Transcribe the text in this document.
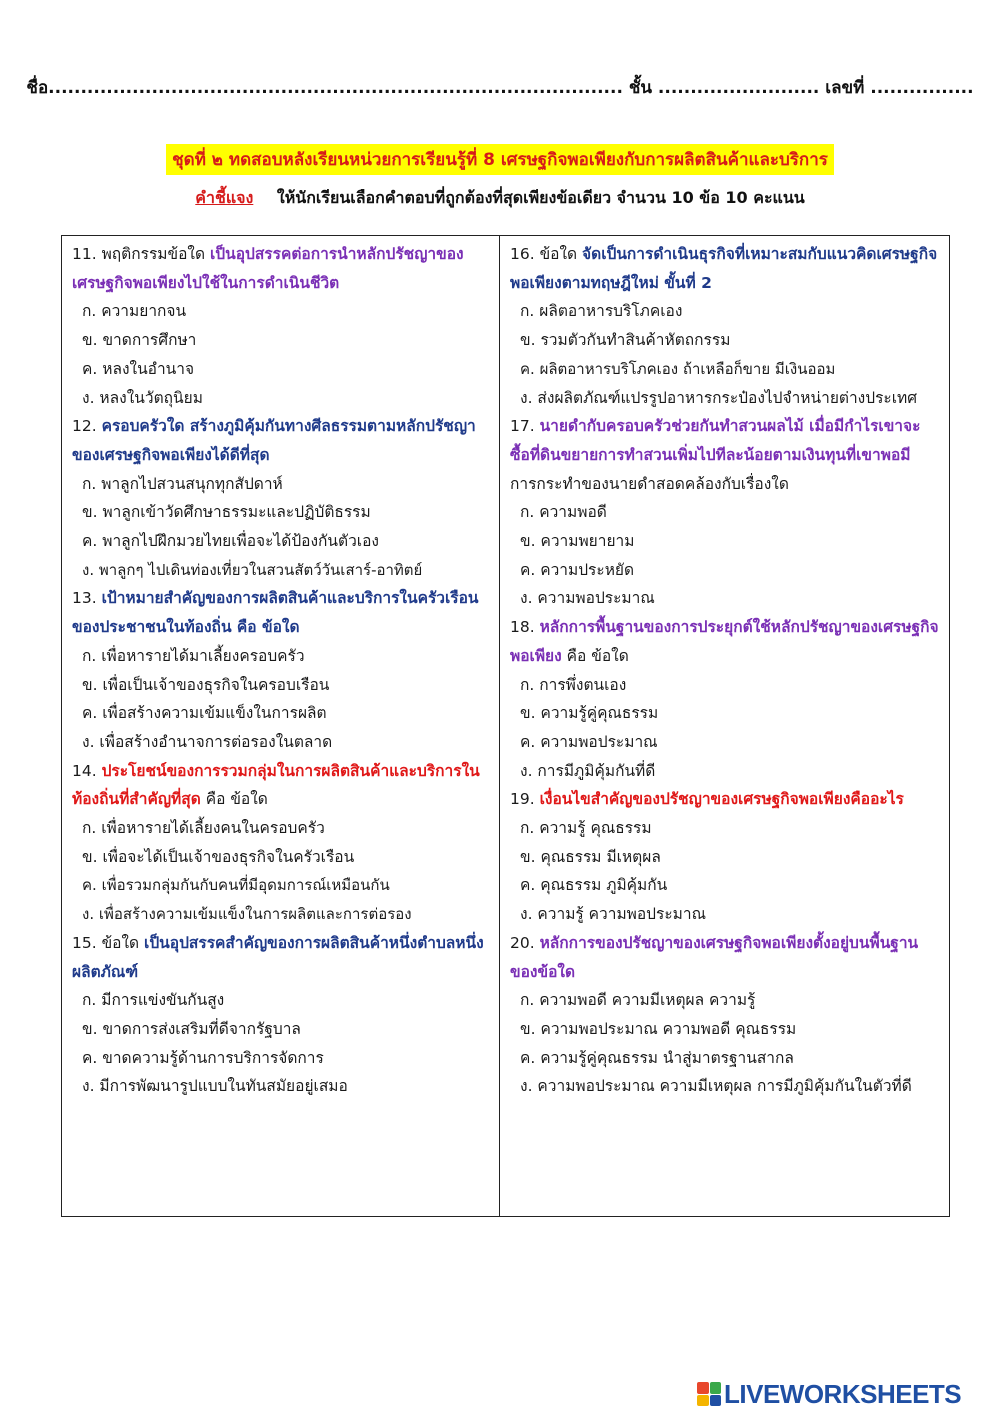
ชื่อ......................................................................................... ชั้น ......................... เลขที่ ................
ชุดที่ ๒ ทดสอบหลังเรียนหน่วยการเรียนรู้ที่ 8 เศรษฐกิจพอเพียงกับการผลิตสินค้าและบริการ
คำชี้แจง ให้นักเรียนเลือกคำตอบที่ถูกต้องที่สุดเพียงข้อเดียว จำนวน 10 ข้อ 10 คะแนน
11. พฤติกรรมข้อใด เป็นอุปสรรคต่อการนำหลักปรัชญาของเศรษฐกิจพอเพียงไปใช้ในการดำเนินชีวิต
ก. ความยากจน
ข. ขาดการศึกษา
ค. หลงในอำนาจ
ง. หลงในวัตถุนิยม
12. ครอบครัวใด สร้างภูมิคุ้มกันทางศีลธรรมตามหลักปรัชญาของเศรษฐกิจพอเพียงได้ดีที่สุด
ก. พาลูกไปสวนสนุกทุกสัปดาห์
ข. พาลูกเข้าวัดศึกษาธรรมะและปฏิบัติธรรม
ค. พาลูกไปฝึกมวยไทยเพื่อจะได้ป้องกันตัวเอง
ง. พาลูกๆ ไปเดินท่องเที่ยวในสวนสัตว์วันเสาร์-อาทิตย์
13. เป้าหมายสำคัญของการผลิตสินค้าและบริการในครัวเรือนของประชาชนในท้องถิ่น คือ ข้อใด
ก. เพื่อหารายได้มาเลี้ยงครอบครัว
ข. เพื่อเป็นเจ้าของธุรกิจในครอบเรือน
ค. เพื่อสร้างความเข้มแข็งในการผลิต
ง. เพื่อสร้างอำนาจการต่อรองในตลาด
14. ประโยชน์ของการรวมกลุ่มในการผลิตสินค้าและบริการในท้องถิ่นที่สำคัญที่สุด คือ ข้อใด
ก. เพื่อหารายได้เลี้ยงคนในครอบครัว
ข. เพื่อจะได้เป็นเจ้าของธุรกิจในครัวเรือน
ค. เพื่อรวมกลุ่มกันกับคนที่มีอุดมการณ์เหมือนกัน
ง. เพื่อสร้างความเข้มแข็งในการผลิตและการต่อรอง
15. ข้อใด เป็นอุปสรรคสำคัญของการผลิตสินค้าหนึ่งตำบลหนึ่งผลิตภัณฑ์
ก. มีการแข่งขันกันสูง
ข. ขาดการส่งเสริมที่ดีจากรัฐบาล
ค. ขาดความรู้ด้านการบริการจัดการ
ง. มีการพัฒนารูปแบบในทันสมัยอยู่เสมอ
16. ข้อใด จัดเป็นการดำเนินธุรกิจที่เหมาะสมกับแนวคิดเศรษฐกิจพอเพียงตามทฤษฎีใหม่ ขั้นที่ 2
ก. ผลิตอาหารบริโภคเอง
ข. รวมตัวกันทำสินค้าหัตถกรรม
ค. ผลิตอาหารบริโภคเอง ถ้าเหลือก็ขาย มีเงินออม
ง. ส่งผลิตภัณฑ์แปรรูปอาหารกระป๋องไปจำหน่ายต่างประเทศ
17. นายดำกับครอบครัวช่วยกันทำสวนผลไม้ เมื่อมีกำไรเขาจะซื้อที่ดินขยายการทำสวนเพิ่มไปทีละน้อยตามเงินทุนที่เขาพอมี การกระทำของนายดำสอดคล้องกับเรื่องใด
ก. ความพอดี
ข. ความพยายาม
ค. ความประหยัด
ง. ความพอประมาณ
18. หลักการพื้นฐานของการประยุกต์ใช้หลักปรัชญาของเศรษฐกิจพอเพียง คือ ข้อใด
ก. การพึ่งตนเอง
ข. ความรู้คู่คุณธรรม
ค. ความพอประมาณ
ง. การมีภูมิคุ้มกันที่ดี
19. เงื่อนไขสำคัญของปรัชญาของเศรษฐกิจพอเพียงคืออะไร
ก. ความรู้ คุณธรรม
ข. คุณธรรม มีเหตุผล
ค. คุณธรรม ภูมิคุ้มกัน
ง. ความรู้ ความพอประมาณ
20. หลักการของปรัชญาของเศรษฐกิจพอเพียงตั้งอยู่บนพื้นฐานของข้อใด
ก. ความพอดี ความมีเหตุผล ความรู้
ข. ความพอประมาณ ความพอดี คุณธรรม
ค. ความรู้คู่คุณธรรม นำสู่มาตรฐานสากล
ง. ความพอประมาณ ความมีเหตุผล การมีภูมิคุ้มกันในตัวที่ดี
LIVEWORKSHEETS
